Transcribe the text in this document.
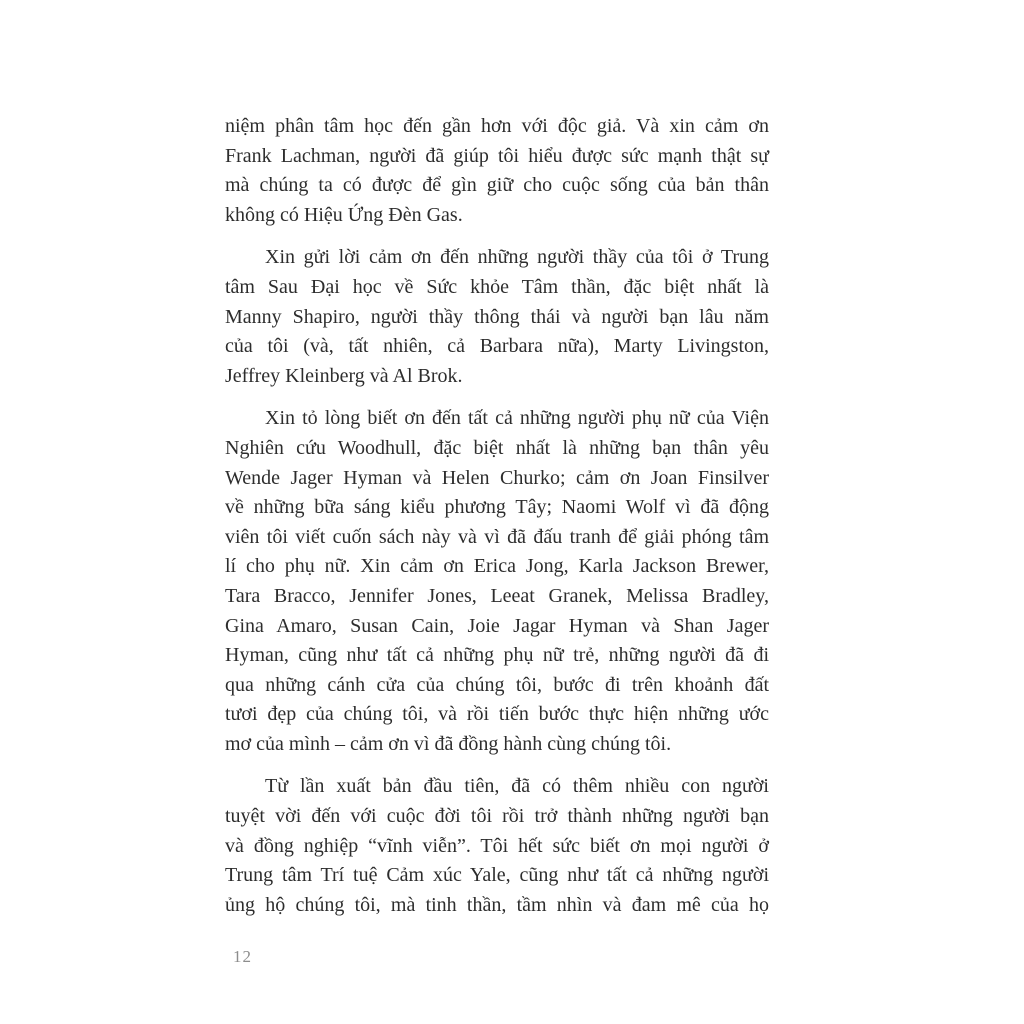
niệm phân tâm học đến gần hơn với độc giả. Và xin cảm ơn
Frank Lachman, người đã giúp tôi hiểu được sức mạnh thật sự
mà chúng ta có được để gìn giữ cho cuộc sống của bản thân
không có Hiệu Ứng Đèn Gas.
Xin gửi lời cảm ơn đến những người thầy của tôi ở Trung
tâm Sau Đại học về Sức khỏe Tâm thần, đặc biệt nhất là
Manny Shapiro, người thầy thông thái và người bạn lâu năm
của tôi (và, tất nhiên, cả Barbara nữa), Marty Livingston,
Jeffrey Kleinberg và Al Brok.
Xin tỏ lòng biết ơn đến tất cả những người phụ nữ của Viện
Nghiên cứu Woodhull, đặc biệt nhất là những bạn thân yêu
Wende Jager Hyman và Helen Churko; cảm ơn Joan Finsilver
về những bữa sáng kiểu phương Tây; Naomi Wolf vì đã động
viên tôi viết cuốn sách này và vì đã đấu tranh để giải phóng tâm
lí cho phụ nữ. Xin cảm ơn Erica Jong, Karla Jackson Brewer,
Tara Bracco, Jennifer Jones, Leeat Granek, Melissa Bradley,
Gina Amaro, Susan Cain, Joie Jagar Hyman và Shan Jager
Hyman, cũng như tất cả những phụ nữ trẻ, những người đã đi
qua những cánh cửa của chúng tôi, bước đi trên khoảnh đất
tươi đẹp của chúng tôi, và rồi tiến bước thực hiện những ước
mơ của mình – cảm ơn vì đã đồng hành cùng chúng tôi.
Từ lần xuất bản đầu tiên, đã có thêm nhiều con người
tuyệt vời đến với cuộc đời tôi rồi trở thành những người bạn
và đồng nghiệp “vĩnh viễn”. Tôi hết sức biết ơn mọi người ở
Trung tâm Trí tuệ Cảm xúc Yale, cũng như tất cả những người
ủng hộ chúng tôi, mà tinh thần, tầm nhìn và đam mê của họ
12
